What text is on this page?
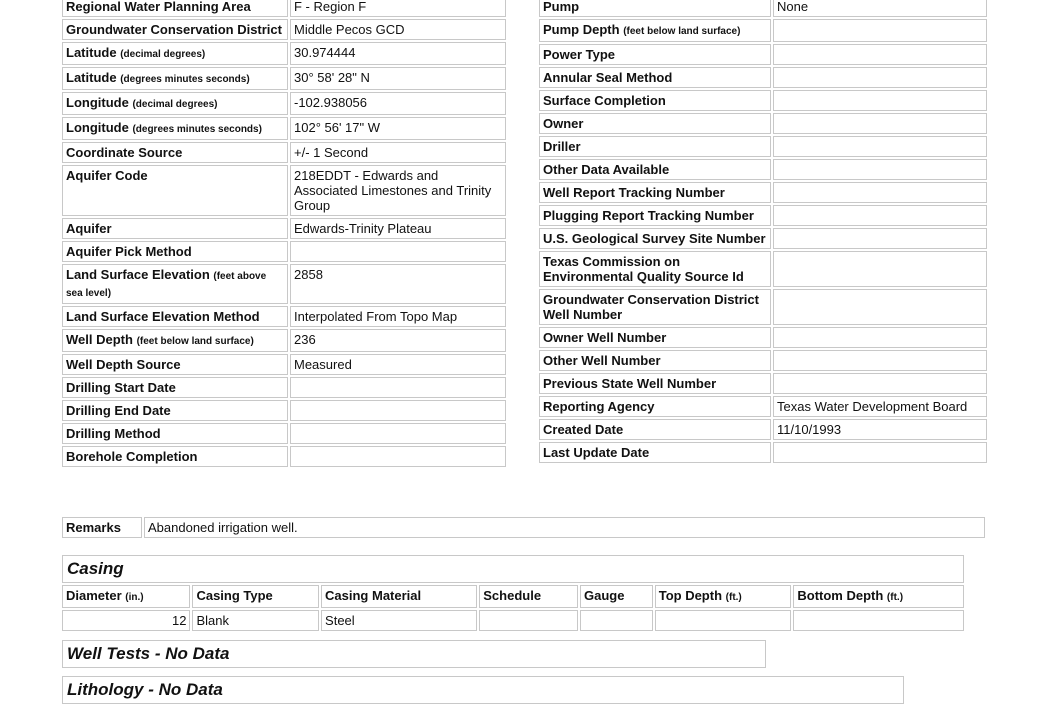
Regional Water Planning Area	F - Region F
Groundwater Conservation District	Middle Pecos GCD
Latitude (decimal degrees)	30.974444
Latitude (degrees minutes seconds)	30° 58' 28" N
Longitude (decimal degrees)	-102.938056
Longitude (degrees minutes seconds)	102° 56' 17" W
Coordinate Source	+/- 1 Second
Aquifer Code	218EDDT - Edwards and Associated Limestones and Trinity Group
Aquifer	Edwards-Trinity Plateau
Aquifer Pick Method	
Land Surface Elevation (feet above sea level)	2858
Land Surface Elevation Method	Interpolated From Topo Map
Well Depth (feet below land surface)	236
Well Depth Source	Measured
Drilling Start Date	
Drilling End Date	
Drilling Method	
Borehole Completion	
Pump	None
Pump Depth (feet below land surface)	
Power Type	
Annular Seal Method	
Surface Completion	
Owner	
Driller	
Other Data Available	
Well Report Tracking Number	
Plugging Report Tracking Number	
U.S. Geological Survey Site Number	
Texas Commission on Environmental Quality Source Id	
Groundwater Conservation District Well Number	
Owner Well Number	
Other Well Number	
Previous State Well Number	
Reporting Agency	Texas Water Development Board
Created Date	11/10/1993
Last Update Date	
Remarks	Abandoned irrigation well.
Casing						
Diameter (in.)	Casing Type	Casing Material	Schedule	Gauge	Top Depth (ft.)	Bottom Depth (ft.)
12	Blank	Steel				
Well Tests - No Data
Lithology - No Data
